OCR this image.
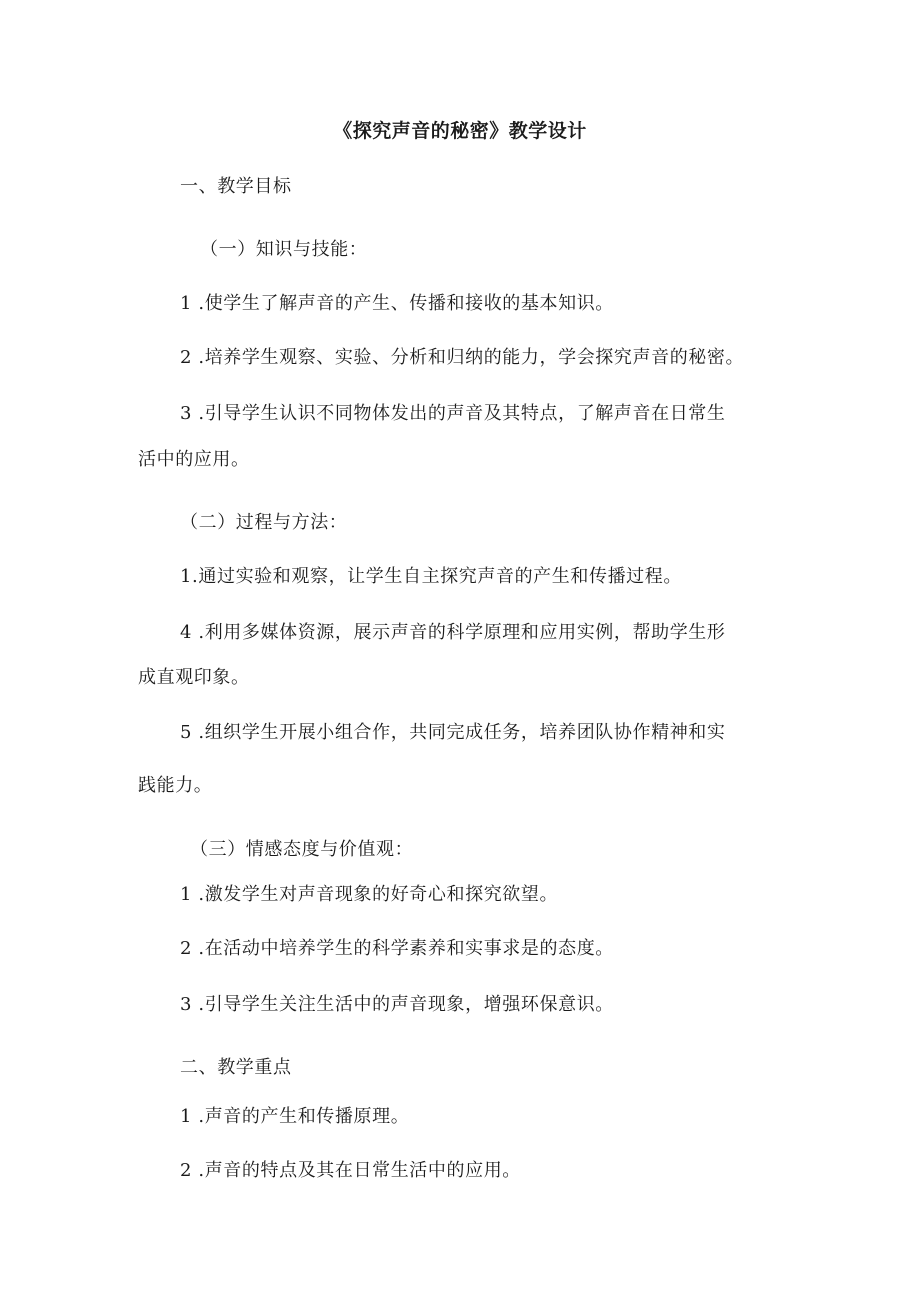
《探究声音的秘密》教学设计
一、教学目标
（一）知识与技能：
1 .使学生了解声音的产生、传播和接收的基本知识。
2 .培养学生观察、实验、分析和归纳的能力，学会探究声音的秘密。
3 .引导学生认识不同物体发出的声音及其特点，了解声音在日常生
活中的应用。
（二）过程与方法：
1.通过实验和观察，让学生自主探究声音的产生和传播过程。
4 .利用多媒体资源，展示声音的科学原理和应用实例，帮助学生形
成直观印象。
5 .组织学生开展小组合作，共同完成任务，培养团队协作精神和实
践能力。
（三）情感态度与价值观：
1 .激发学生对声音现象的好奇心和探究欲望。
2 .在活动中培养学生的科学素养和实事求是的态度。
3 .引导学生关注生活中的声音现象，增强环保意识。
二、教学重点
1 .声音的产生和传播原理。
2 .声音的特点及其在日常生活中的应用。
